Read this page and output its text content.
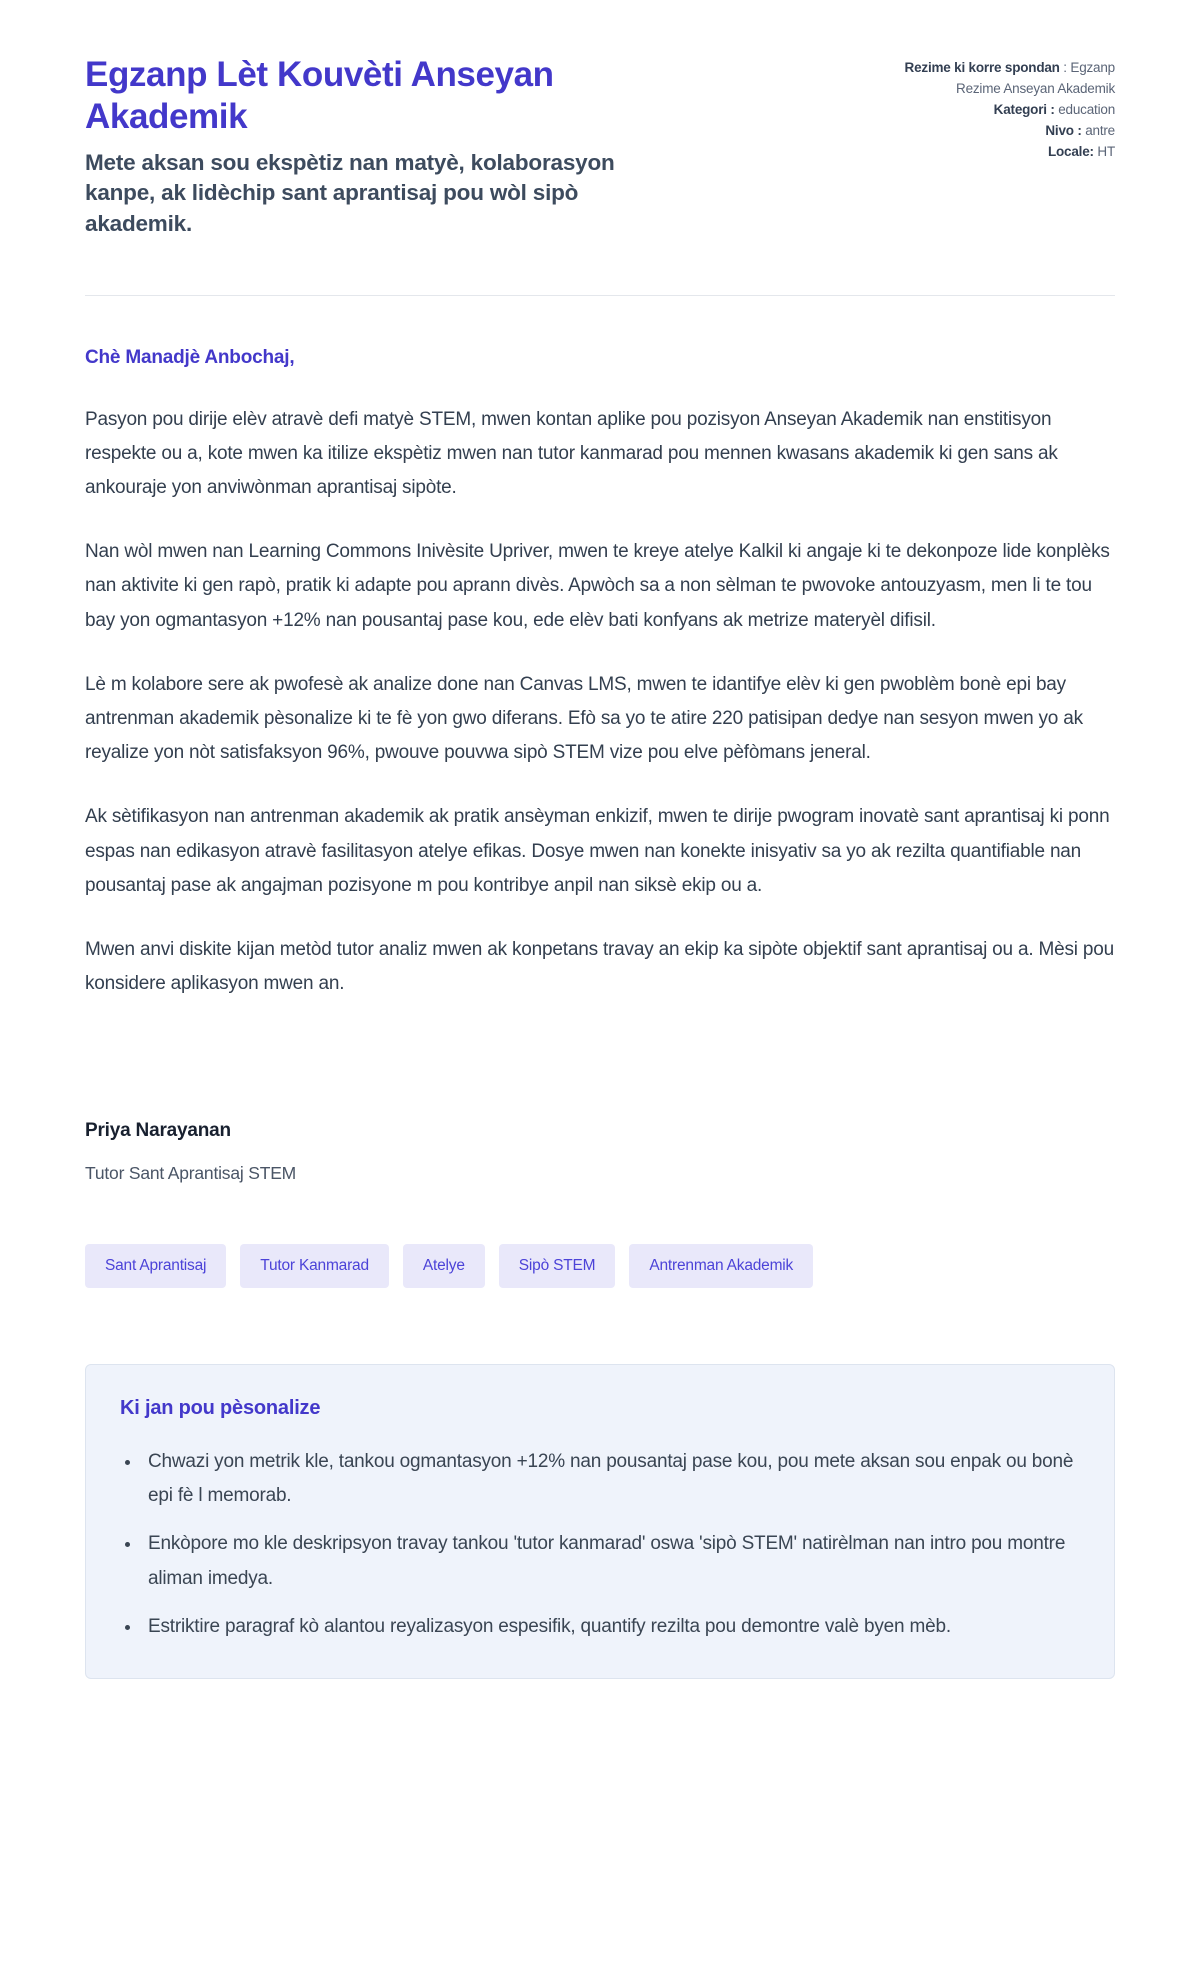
Egzanp Lèt Kouvèti Anseyan Akademik

Mete aksan sou ekspètiz nan matyè, kolaborasyon kanpe, ak lidèchip sant aprantisaj pou wòl sipò akademik.

Rezime ki korre spondan : Egzanp Rezime Anseyan Akademik
Kategori : education
Nivo : antre
Locale: HT

Chè Manadjè Anbochaj,

Pasyon pou dirije elèv atravè defi matyè STEM, mwen kontan aplike pou pozisyon Anseyan Akademik nan enstitisyon respekte ou a, kote mwen ka itilize ekspètiz mwen nan tutor kanmarad pou mennen kwasans akademik ki gen sans ak ankouraje yon anviwònman aprantisaj sipòte.

Nan wòl mwen nan Learning Commons Inivèsite Upriver, mwen te kreye atelye Kalkil ki angaje ki te dekonpoze lide konplèks nan aktivite ki gen rapò, pratik ki adapte pou aprann divès. Apwòch sa a non sèlman te pwovoke antouzyasm, men li te tou bay yon ogmantasyon +12% nan pousantaj pase kou, ede elèv bati konfyans ak metrize materyèl difisil.

Lè m kolabore sere ak pwofesè ak analize done nan Canvas LMS, mwen te idantifye elèv ki gen pwoblèm bonè epi bay antrenman akademik pèsonalize ki te fè yon gwo diferans. Efò sa yo te atire 220 patisipan dedye nan sesyon mwen yo ak reyalize yon nòt satisfaksyon 96%, pwouve pouvwa sipò STEM vize pou elve pèfòmans jeneral.

Ak sètifikasyon nan antrenman akademik ak pratik ansèyman enkizif, mwen te dirije pwogram inovatè sant aprantisaj ki ponn espas nan edikasyon atravè fasilitasyon atelye efikas. Dosye mwen nan konekte inisyativ sa yo ak rezilta quantifiable nan pousantaj pase ak angajman pozisyone m pou kontribye anpil nan siksè ekip ou a.

Mwen anvi diskite kijan metòd tutor analiz mwen ak konpetans travay an ekip ka sipòte objektif sant aprantisaj ou a. Mèsi pou konsidere aplikasyon mwen an.

Priya Narayanan

Tutor Sant Aprantisaj STEM

Sant Aprantisaj	Tutor Kanmarad	Atelye	Sipò STEM	Antrenman Akademik
Ki jan pou pèsonalize
• Chwazi yon metrik kle, tankou ogmantasyon +12% nan pousantaj pase kou, pou mete aksan sou enpak ou bonè epi fè l memorab.
• Enkòpore mo kle deskripsyon travay tankou 'tutor kanmarad' oswa 'sipò STEM' natirèlman nan intro pou montre aliman imedya.
• Estriktire paragraf kò alantou reyalizasyon espesifik, quantify rezilta pou demontre valè byen mèb.
